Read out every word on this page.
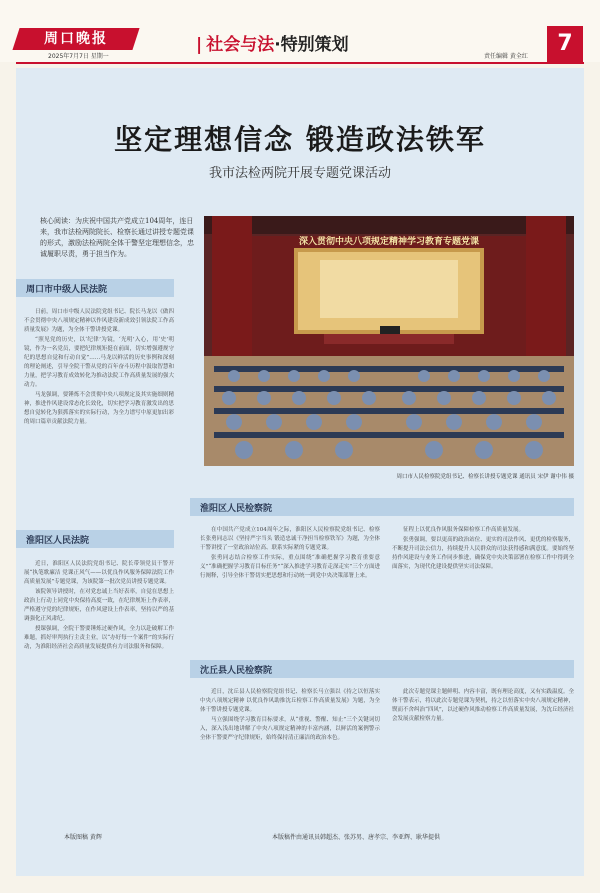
周口晚报
2025年7月7日 星期一
| 社会与法·特别策划
责任编辑 黄全红
7
坚定理想信念 锻造政法铁军
我市法检两院开展专题党课活动
核心阅读：为庆祝中国共产党成立104周年，连日来，我市法检两院院长、检察长通过讲授专题党课的形式，激励法检两院全体干警坚定理想信念，忠诚履职尽责，勇于担当作为。
周口市中级人民法院

日前，周口市中级人民法院党组书记、院长马龙以《做四不会贯彻中央八项规定精神以作风建设新成效引领法院工作高质量发展》为题，为全体干警讲授党课。

“照见党的历史，以‘纪律’为镜，‘光明’入心，用‘史’明镜，作为一名党员，要把纪律规矩挺在前面，切实增强遵规守纪的思想自觉和行动自觉”……马龙以鲜活的历史事例和深刻的理论阐述，引导全院干警从党的百年奋斗历程中汲取智慧和力量，把学习教育成效转化为推动法院工作高质量发展的强大动力。

马龙强调，要锤炼不会贯彻中央八项规定及其实施细则精神，推进作风建设常态化长效化，切实把学习教育激发出的思想自觉转化为狠抓落实的实际行动，为全力谱写中原更加出彩的周口篇章贡献法院力量。

深入贯彻中央八项规定精神学习教育专题党课
周口市人民检察院党组书记、检察长讲授专题党课 通讯员 宋伊 谢中伟 摄
淮阳区人民法院

近日，淮阳区人民法院党组书记、院长带领党员干警开展“执笔歌廉洁 党课正风气——以优良作风服务保障法院工作高质量发展”专题党课，为该院第一批次党员讲授专题党课。

该院领导讲授时，在对党忠诚上当好表率，自觉在思想上政治上行动上同党中央保持高度一致，在纪律规矩上作表率，严格遵守党的纪律规矩，在作风建设上作表率，坚持以严的基调强化正风肃纪。

授课强调，全院干警要锤炼过硬作风，全力以赴破解工作难题，抓好审判执行主责主业，以“办好每一个案件”的实际行动，为淮阳经济社会高质量发展提供有力司法服务和保障。

淮阳区人民检察院

在中国共产党成立104周年之际，淮阳区人民检察院党组书记、检察长张勇同志以《坚持严字当头 锻造忠诚干净担当检察铁军》为题，为全体干警讲授了一堂政治站位高、联系实际紧的专题党课。

张勇同志结合检察工作实际，重点围绕“准确把握学习教育重要意义”“准确把握学习教育目标任务”“深入推进学习教育走深走实”三个方面进行阐释，引导全体干警切实把思想和行动统一到党中央决策部署上来。

征程上以优良作风服务保障检察工作高质量发展。

张勇强调，要以更高的政治站位、更实的司法作风、更优的检察服务，不断提升司法公信力，持续提升人民群众的司法获得感和满意度。要始终坚持作风建设与业务工作同步推进，确保党中央决策部署在检察工作中得到全面落实，为现代化建设提供坚实司法保障。

沈丘县人民检察院

近日，沈丘县人民检察院党组书记、检察长马立强以《持之以恒落实中央八项规定精神 以优良作风助推沈丘检察工作高质量发展》为题，为全体干警讲授专题党课。

马立强围绕学习教育目标要求，从“重视、警醒、知止”三个关键词切入，深入浅出地讲解了中央八项规定精神的丰富内涵，以鲜活的案例警示全体干警要严守纪律规矩，始终保持清正廉洁的政治本色。

此次专题党课主题鲜明、内容丰富，既有理论高度，又有实践温度。全体干警表示，将以此次专题党课为契机，持之以恒落实中央八项规定精神，锲而不舍纠治“四风”，以过硬作风推动检察工作高质量发展，为沈丘经济社会发展贡献检察力量。

本版图稿 黄辉	本版稿件由通讯员韩超杰、张苏男、唐孝宗、李亚辉、耿华提供
